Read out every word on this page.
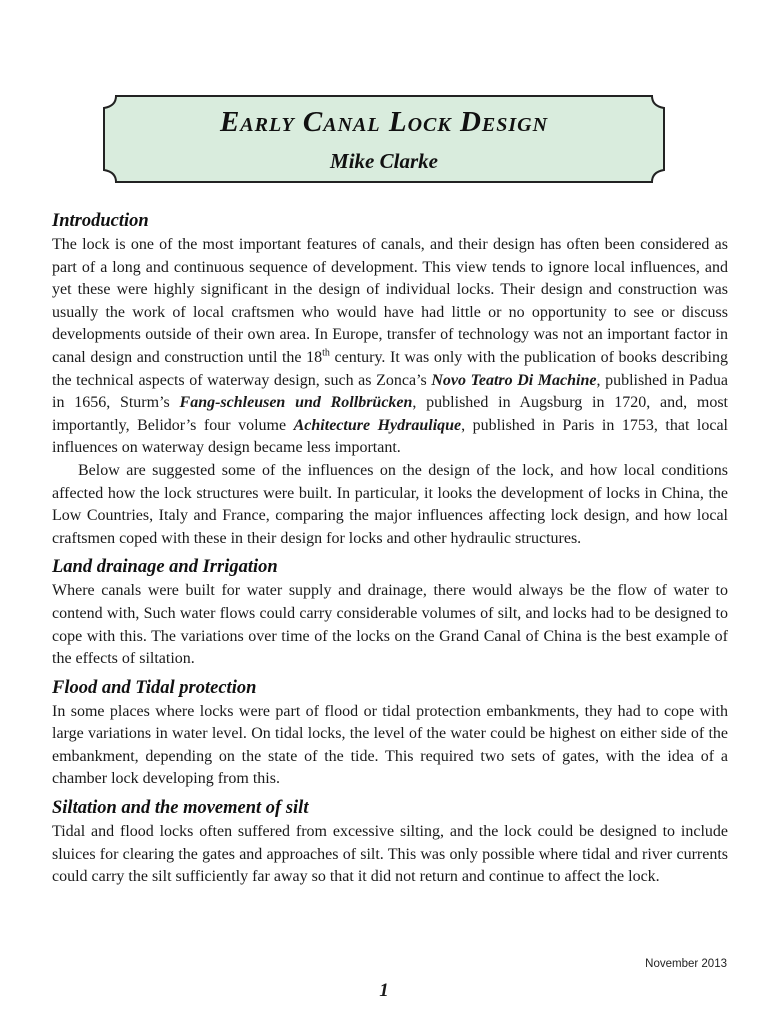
Early Canal Lock Design
Mike Clarke
Introduction

The lock is one of the most important features of canals, and their design has often been considered as part of a long and continuous sequence of development. This view tends to ignore local influences, and yet these were highly significant in the design of individual locks. Their design and construction was usually the work of local craftsmen who would have had little or no opportunity to see or discuss developments outside of their own area. In Europe, transfer of technology was not an important factor in canal design and construction until the 18th century. It was only with the publication of books describing the technical aspects of waterway design, such as Zonca’s Novo Teatro Di Machine, published in Padua in 1656, Sturm’s Fang-schleusen und Rollbrücken, published in Augsburg in 1720, and, most importantly, Belidor’s four volume Achitecture Hydraulique, published in Paris in 1753, that local influences on waterway design became less important.

Below are suggested some of the influences on the design of the lock, and how local conditions affected how the lock structures were built. In particular, it looks the development of locks in China, the Low Countries, Italy and France, comparing the major influences affecting lock design, and how local craftsmen coped with these in their design for locks and other hydraulic structures.

Land drainage and Irrigation

Where canals were built for water supply and drainage, there would always be the flow of water to contend with, Such water flows could carry considerable volumes of silt, and locks had to be designed to cope with this. The variations over time of the locks on the Grand Canal of China is the best example of the effects of siltation.

Flood and Tidal protection

In some places where locks were part of flood or tidal protection embankments, they had to cope with large variations in water level. On tidal locks, the level of the water could be highest on either side of the embankment, depending on the state of the tide. This required two sets of gates, with the idea of a chamber lock developing from this.

Siltation and the movement of silt

Tidal and flood locks often suffered from excessive silting, and the lock could be designed to include sluices for clearing the gates and approaches of silt. This was only possible where tidal and river currents could carry the silt sufficiently far away so that it did not return and continue to affect the lock.

November 2013
1
